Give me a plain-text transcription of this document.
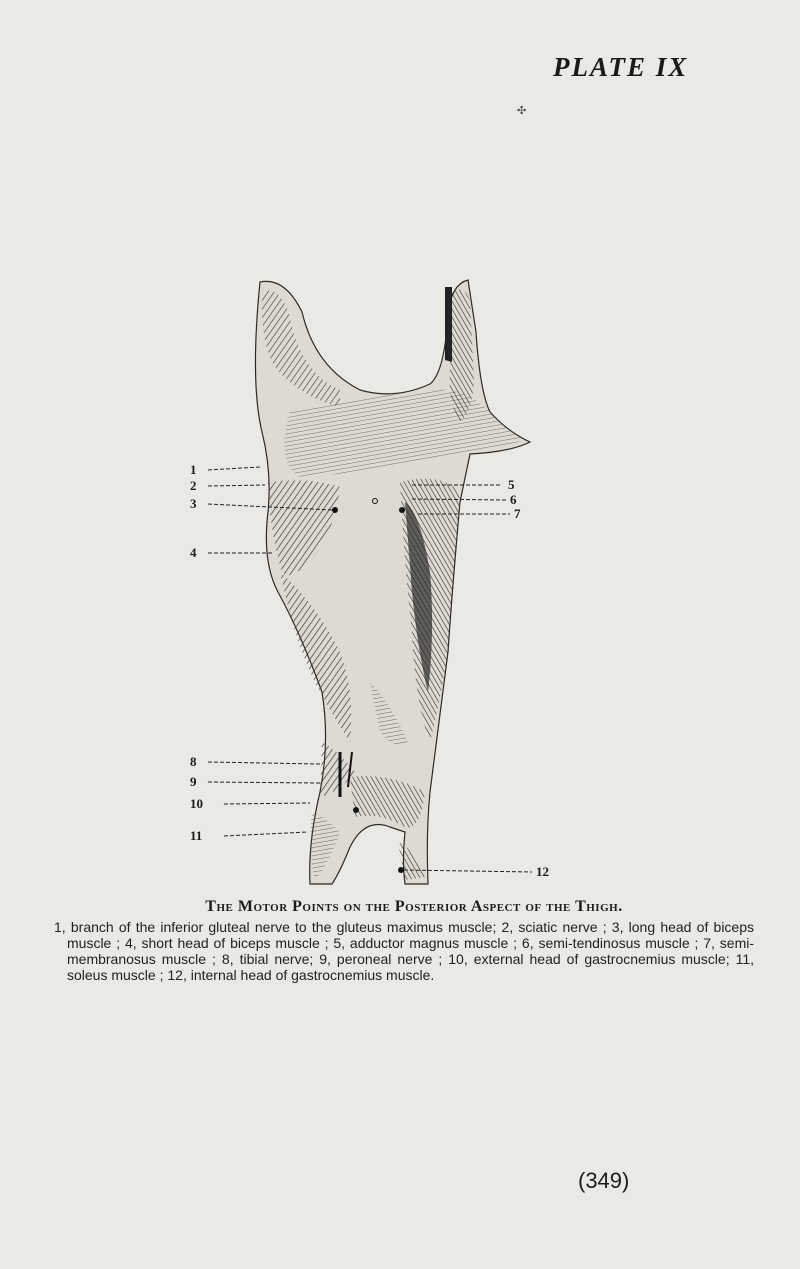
PLATE IX
✣
1
2
3
4
8
9
10
11
5
6
7
12
The Motor Points on the Posterior Aspect of the Thigh.
1, branch of the inferior gluteal nerve to the gluteus maximus muscle; 2, sciatic nerve ; 3, long head of biceps muscle ; 4, short head of biceps muscle ; 5, adductor magnus muscle ; 6, semi-tendinosus muscle ; 7, semi-membranosus muscle ; 8, tibial nerve; 9, peroneal nerve ; 10, external head of gastrocnemius muscle; 11, soleus muscle ; 12, internal head of gastrocnemius muscle.
(349)
